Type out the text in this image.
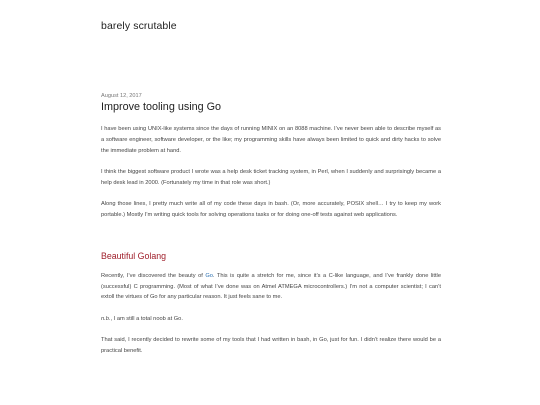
barely scrutable

August 12, 2017

Improve tooling using Go

I have been using UNIX-like systems since the days of running MINIX on an 8088 machine. I’ve never been able to describe myself as a software engineer, software developer, or the like; my programming skills have always been limited to quick and dirty hacks to solve the immediate problem at hand.

I think the biggest software product I wrote was a help desk ticket tracking system, in Perl, when I suddenly and surprisingly became a help desk lead in 2000. (Fortunately my time in that role was short.)

Along those lines, I pretty much write all of my code these days in bash. (Or, more accurately, POSIX shell… I try to keep my work portable.) Mostly I’m writing quick tools for solving operations tasks or for doing one-off tests against web applications.

Beautiful Golang

Recently, I’ve discovered the beauty of Go. This is quite a stretch for me, since it’s a C-like language, and I’ve frankly done little (successful) C programming. (Most of what I’ve done was on Atmel ATMEGA microcontrollers.) I’m not a computer scientist; I can’t extoll the virtues of Go for any particular reason. It just feels sane to me.

n.b., I am still a total noob at Go.

That said, I recently decided to rewrite some of my tools that I had written in bash, in Go, just for fun. I didn’t realize there would be a practical benefit.
